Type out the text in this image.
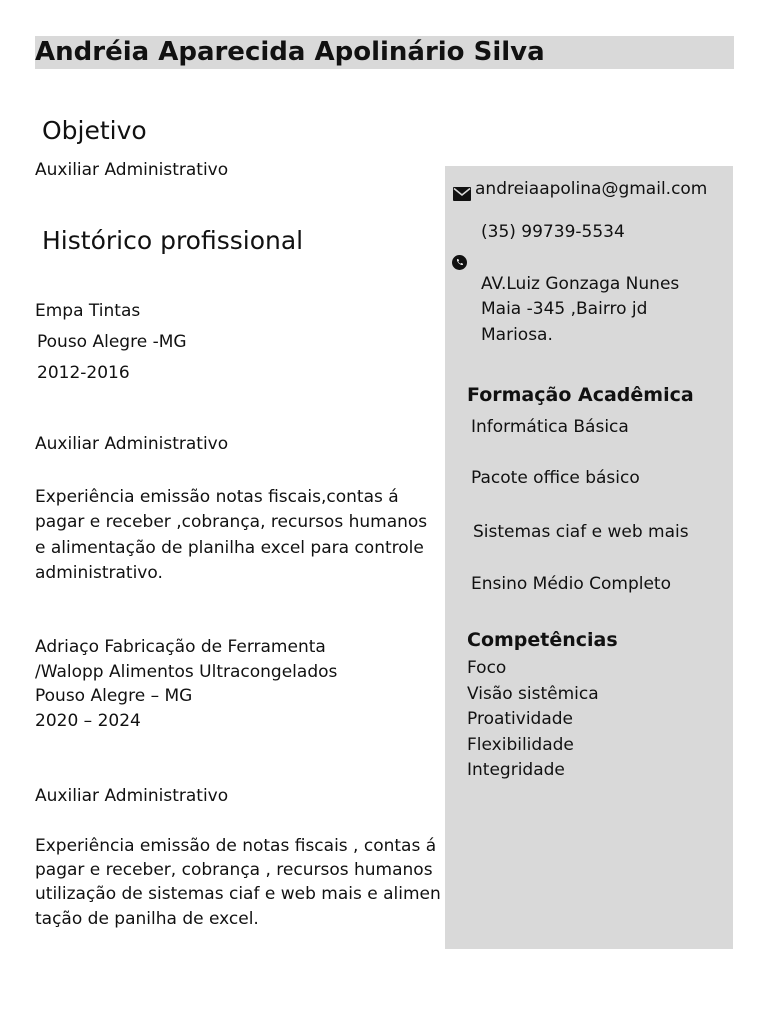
Andréia Aparecida Apolinário Silva
Objetivo

Auxiliar Administrativo

Histórico profissional

Empa Tintas

Pouso Alegre -MG

2012-2016

Auxiliar Administrativo

Experiência emissão notas fiscais,contas á

pagar e receber ,cobrança, recursos humanos

e alimentação de planilha excel para controle

administrativo.

Adriaço Fabricação de Ferramenta

/Walopp Alimentos Ultracongelados

Pouso Alegre – MG

2020 – 2024

Auxiliar Administrativo

Experiência emissão de notas fiscais , contas á

pagar e receber, cobrança , recursos humanos

utilização de sistemas ciaf e web mais e alimen

tação de panilha de excel.

andreiaapolina@gmail.com

(35) 99739-5534

AV.Luiz Gonzaga Nunes

Maia -345 ,Bairro jd

Mariosa.

Formação Acadêmica

Informática Básica

Pacote office básico

Sistemas ciaf e web mais

Ensino Médio Completo

Competências

Foco

Visão sistêmica

Proatividade

Flexibilidade

Integridade
